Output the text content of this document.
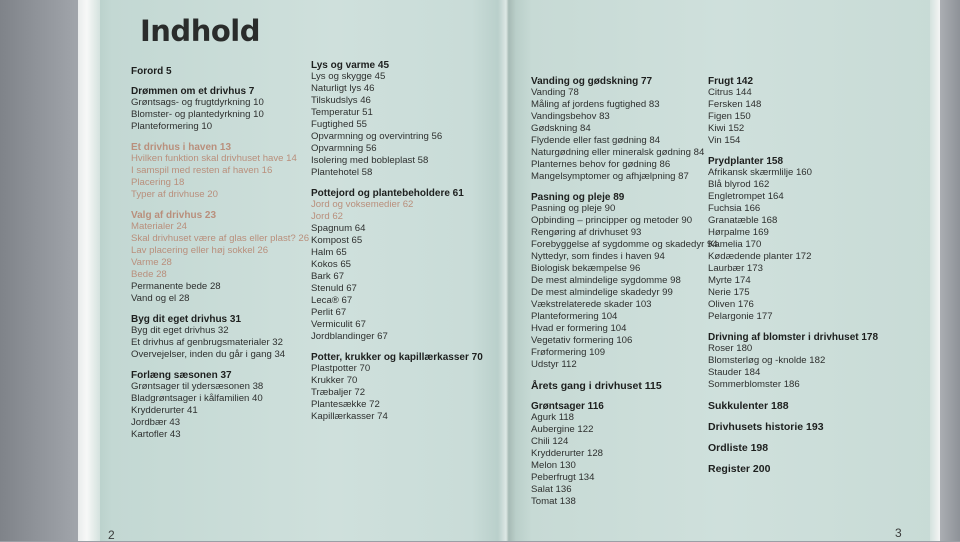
Indhold
Forord 5
Drømmen om et drivhus 7
Grøntsags- og frugtdyrkning 10
Blomster- og plantedyrkning 10
Planteformering 10
Et drivhus i haven 13
Hvilken funktion skal drivhuset have 14
I samspil med resten af haven 16
Placering 18
Typer af drivhuse 20
Valg af drivhus 23
Materialer 24
Skal drivhuset være af glas eller plast? 26
Lav placering eller høj sokkel 26
Varme 28
Bede 28
Permanente bede 28
Vand og el 28
Byg dit eget drivhus 31
Byg dit eget drivhus 32
Et drivhus af genbrugsmaterialer 32
Overvejelser, inden du går i gang 34
Forlæng sæsonen 37
Grøntsager til ydersæsonen 38
Bladgrøntsager i kålfamilien 40
Krydderurter 41
Jordbær 43
Kartofler 43
Lys og varme 45
Lys og skygge 45
Naturligt lys 46
Tilskudslys 46
Temperatur 51
Fugtighed 55
Opvarmning og overvintring 56
Opvarmning 56
Isolering med bobleplast 58
Plantehotel 58
Pottejord og plantebeholdere 61
Jord og voksemedier 62
Jord 62
Spagnum 64
Kompost 65
Halm 65
Kokos 65
Bark 67
Stenuld 67
Leca® 67
Perlit 67
Vermiculit 67
Jordblandinger 67
Potter, krukker og kapillærkasser 70
Plastpotter 70
Krukker 70
Træbaljer 72
Plantesække 72
Kapillærkasser 74
Vanding og gødskning 77
Vanding 78
Måling af jordens fugtighed 83
Vandingsbehov 83
Gødskning 84
Flydende eller fast gødning 84
Naturgødning eller mineralsk gødning 84
Planternes behov for gødning 86
Mangelsymptomer og afhjælpning 87
Pasning og pleje 89
Pasning og pleje 90
Opbinding – principper og metoder 90
Rengøring af drivhuset 93
Forebyggelse af sygdomme og skadedyr 94
Nyttedyr, som findes i haven 94
Biologisk bekæmpelse 96
De mest almindelige sygdomme 98
De mest almindelige skadedyr 99
Vækstrelaterede skader 103
Planteformering 104
Hvad er formering 104
Vegetativ formering 106
Frøformering 109
Udstyr 112
Årets gang i drivhuset 115
Grøntsager 116
Agurk 118
Aubergine 122
Chili 124
Krydderurter 128
Melon 130
Peberfrugt 134
Salat 136
Tomat 138
Frugt 142
Citrus 144
Fersken 148
Figen 150
Kiwi 152
Vin 154
Prydplanter 158
Afrikansk skærmlilje 160
Blå blyrod 162
Engletrompet 164
Fuchsia 166
Granatæble 168
Hørpalme 169
Kamelia 170
Kødædende planter 172
Laurbær 173
Myrte 174
Nerie 175
Oliven 176
Pelargonie 177
Drivning af blomster i drivhuset 178
Roser 180
Blomsterløg og -knolde 182
Stauder 184
Sommerblomster 186
Sukkulenter 188
Drivhusets historie 193
Ordliste 198
Register 200
2	3
